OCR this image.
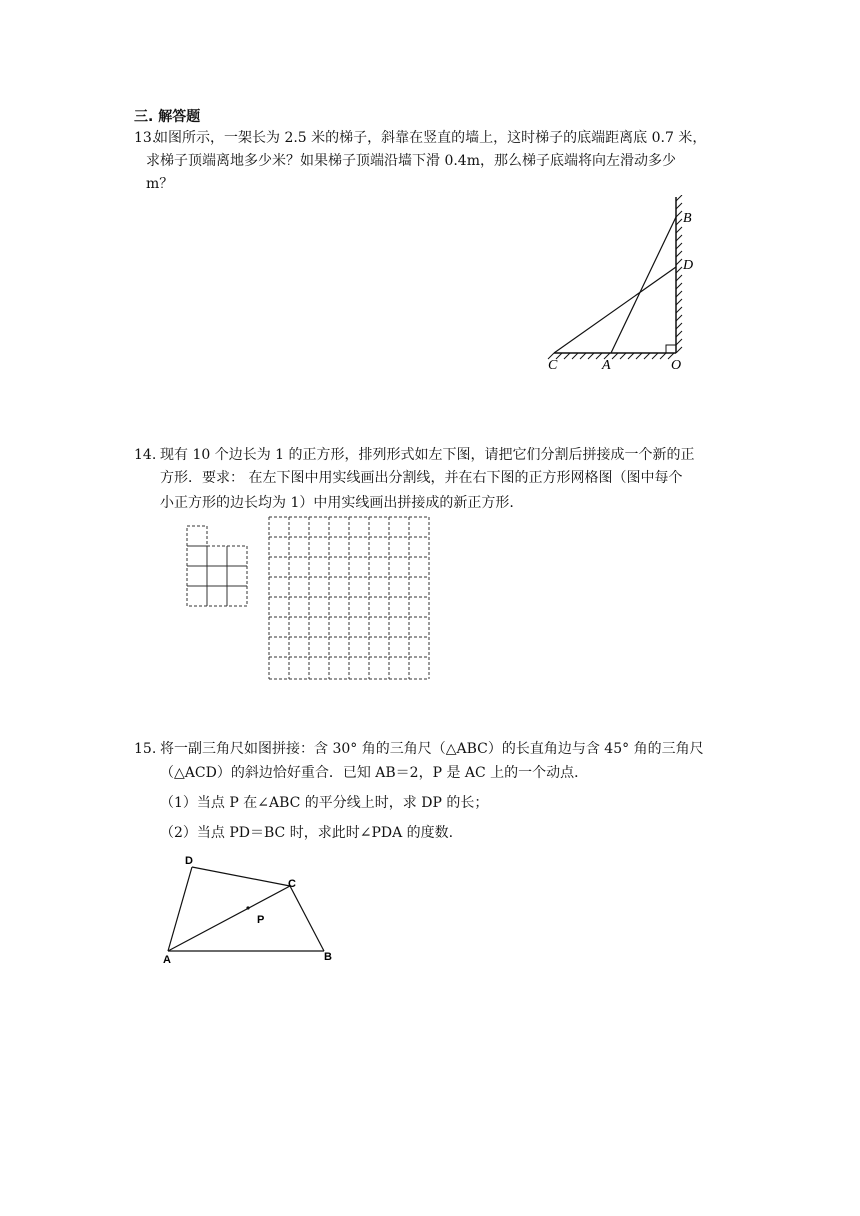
三. 解答题
13.
如图所示，一架长为 2.5 米的梯子，斜靠在竖直的墙上，这时梯子的底端距离底 0.7 米，
求梯子顶端离地多少米？如果梯子顶端沿墙下滑 0.4m，那么梯子底端将向左滑动多少
m？
B
D
C	A	O
14. 现有 10 个边长为 1 的正方形，排列形式如左下图，请把它们分割后拼接成一个新的正
方形．要求： 在左下图中用实线画出分割线，并在右下图的正方形网格图（图中每个
小正方形的边长均为 1）中用实线画出拼接成的新正方形.
15. 将一副三角尺如图拼接：含 30° 角的三角尺（△ABC）的长直角边与含 45° 角的三角尺
（△ACD）的斜边恰好重合．已知 AB＝2，P 是 AC 上的一个动点．
（1）当点 P 在∠ABC 的平分线上时，求 DP 的长；
（2）当点 PD＝BC 时，求此时∠PDA 的度数.
D
C
P
A	B
